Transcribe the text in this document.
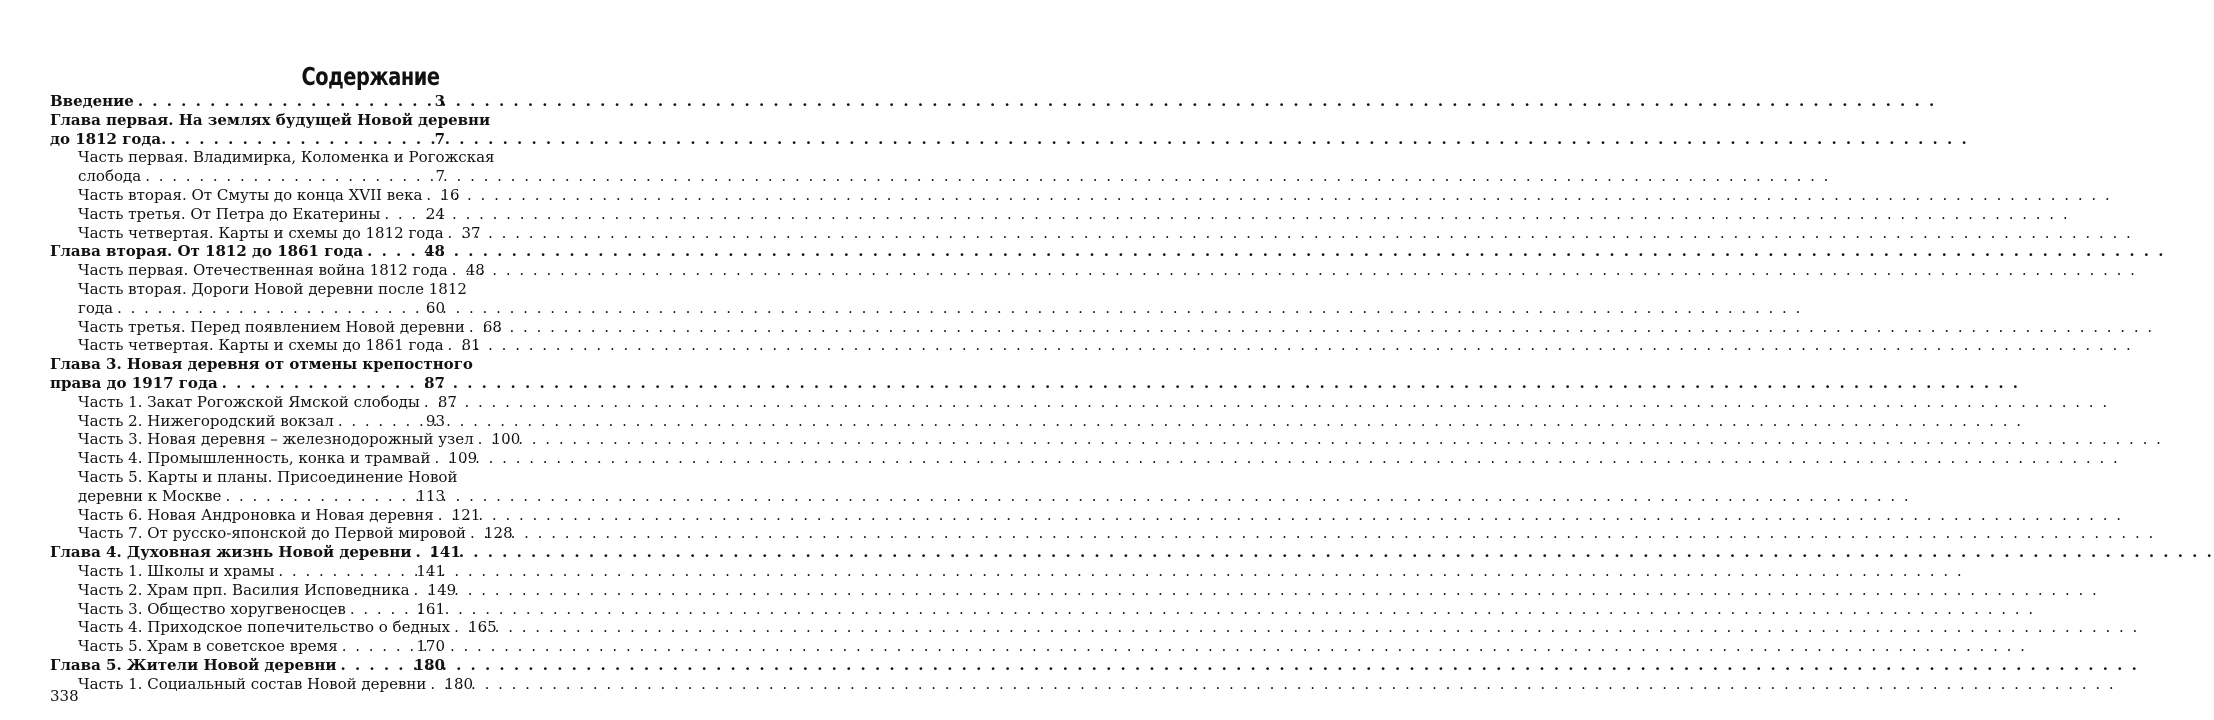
Содержание
Введение . . .	3
Глава первая. На землях будущей Новой деревни
до 1812 года. . . .	7
Часть первая. Владимирка, Коломенка и Рогожская
слобода . . .	7
Часть вторая. От Смуты до конца XVII века . . . 16
Часть третья. От Петра до Екатерины . . .	24
Часть четвертая. Карты и схемы до 1812 года . . . 37
Глава вторая. От 1812 до 1861 года . . .	48
Часть первая. Отечественная война 1812 года . . . 48
Часть вторая. Дороги Новой деревни после 1812
года . . .	60
Часть третья. Перед появлением Новой деревни . . . 68
Часть четвертая. Карты и схемы до 1861 года . . . 81
Глава 3. Новая деревня от отмены крепостного
права до 1917 года . . .	87
Часть 1. Закат Рогожской Ямской слободы . . . 87
Часть 2. Нижегородский вокзал . . .	93
Часть 3. Новая деревня – железнодорожный узел . . . 100
Часть 4. Промышленность, конка и трамвай . . . 109
Часть 5. Карты и планы. Присоединение Новой
деревни к Москве . . .	113
Часть 6. Новая Андроновка и Новая деревня . . . 121
Часть 7. От русско-японской до Первой мировой . . . 128
Глава 4. Духовная жизнь Новой деревни . . . 141
Часть 1. Школы и храмы . . .	141
Часть 2. Храм прп. Василия Исповедника . . . 149
Часть 3. Общество хоругвеносцев . . .	161
Часть 4. Приходское попечительство о бедных . . . 165
Часть 5. Храм в советское время . . .	170
Глава 5. Жители Новой деревни . . .	180
Часть 1. Социальный состав Новой деревни . . . 180
338
